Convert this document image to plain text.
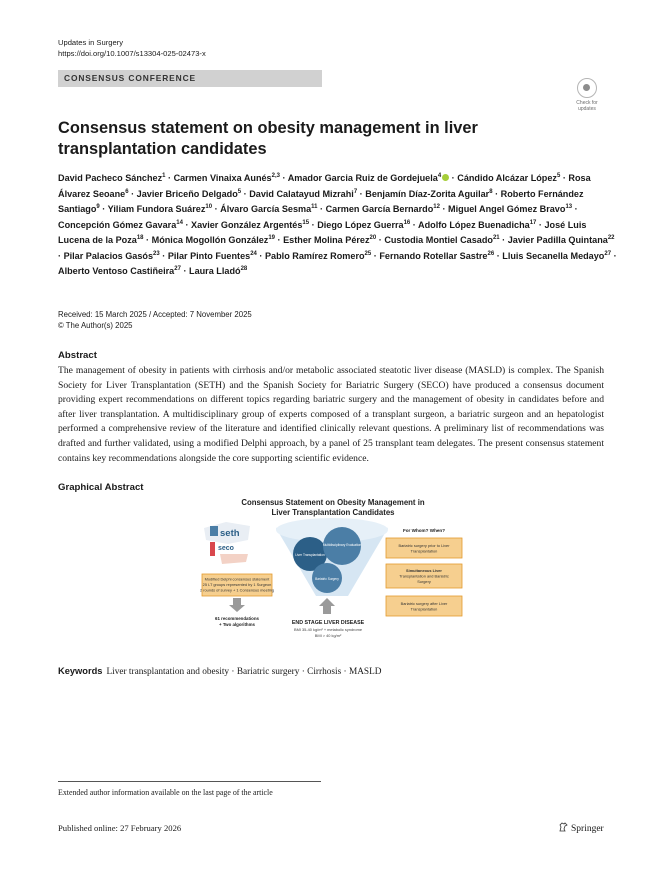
Updates in Surgery
https://doi.org/10.1007/s13304-025-02473-x
CONSENSUS CONFERENCE
Check for updates
Consensus statement on obesity management in liver transplantation candidates
David Pacheco Sánchez$^1$ · Carmen Vinaixa Aunés$^{2,3}$ · Amador Garcia Ruiz de Gordejuela$^4$ · Cándido Alcázar López$^5$ · Rosa Álvarez Seoane$^6$ · Javier Briceño Delgado$^5$ · David Calatayud Mizrahi$^7$ · Benjamín Díaz-Zorita Aguilar$^8$ · Roberto Fernández Santiago$^9$ · Yiliam Fundora Suárez$^{10}$ · Álvaro García Sesma$^{11}$ · Carmen García Bernardo$^{12}$ · Miguel Angel Gómez Bravo$^{13}$ · Concepción Gómez Gavara$^{14}$ · Xavier González Argentés$^{15}$ · Diego López Guerra$^{16}$ · Adolfo López Buenadicha$^{17}$ · José Luis Lucena de la Poza$^{18}$ · Mónica Mogollón González$^{19}$ · Esther Molina Pérez$^{20}$ · Custodia Montiel Casado$^{21}$ · Javier Padilla Quintana$^{22}$ · Pilar Palacios Gasós$^{23}$ · Pilar Pinto Fuentes$^{24}$ · Pablo Ramírez Romero$^{25}$ · Fernando Rotellar Sastre$^{26}$ · Lluis Secanella Medayo$^{27}$ · Alberto Ventoso Castiñeira$^{27}$ · Laura Lladó$^{28}$
Received: 15 March 2025 / Accepted: 7 November 2025
© The Author(s) 2025
Abstract
The management of obesity in patients with cirrhosis and/or metabolic associated steatotic liver disease (MASLD) is complex. The Spanish Society for Liver Transplantation (SETH) and the Spanish Society for Bariatric Surgery (SECO) have produced a consensus document providing expert recommendations on different topics regarding bariatric surgery and the management of obesity in candidates before and after liver transplantation. A multidisciplinary group of experts composed of a transplant surgeon, a bariatric surgeon and an hepatologist performed a comprehensive review of the literature and identified clinically relevant questions. A preliminary list of recommendations was drafted and further validated, using a modified Delphi approach, by a panel of 25 transplant team delegates. The present consensus statement contains key recommendations alongside the core supporting scientific evidence.
Graphical Abstract
Consensus Statement on Obesity Management in
Liver Transplantation Candidates
seth
seco
Modified Delphi consensus statement
25 LT groups represented by 1 Surgeon
2 rounds of survey + 1 Consensus meeting
61 recommendations
+ Two algorithms
Liver Transplantation
Multidisciplinary Evaluation
Bariatric Surgery
END STAGE LIVER DISEASE
BMI 35-40 kg/m² + metabolic syndrome
BMI > 40 kg/m²
For Whom? When?
Bariatric surgery prior to Liver
Transplantation
Simultaneous Liver
Transplantation and Bariatric
Surgery
Bariatric surgery after Liver
Transplantation
Keywords Liver transplantation and obesity · Bariatric surgery · Cirrhosis · MASLD
Extended author information available on the last page of the article
Published online: 27 February 2026	Springer
